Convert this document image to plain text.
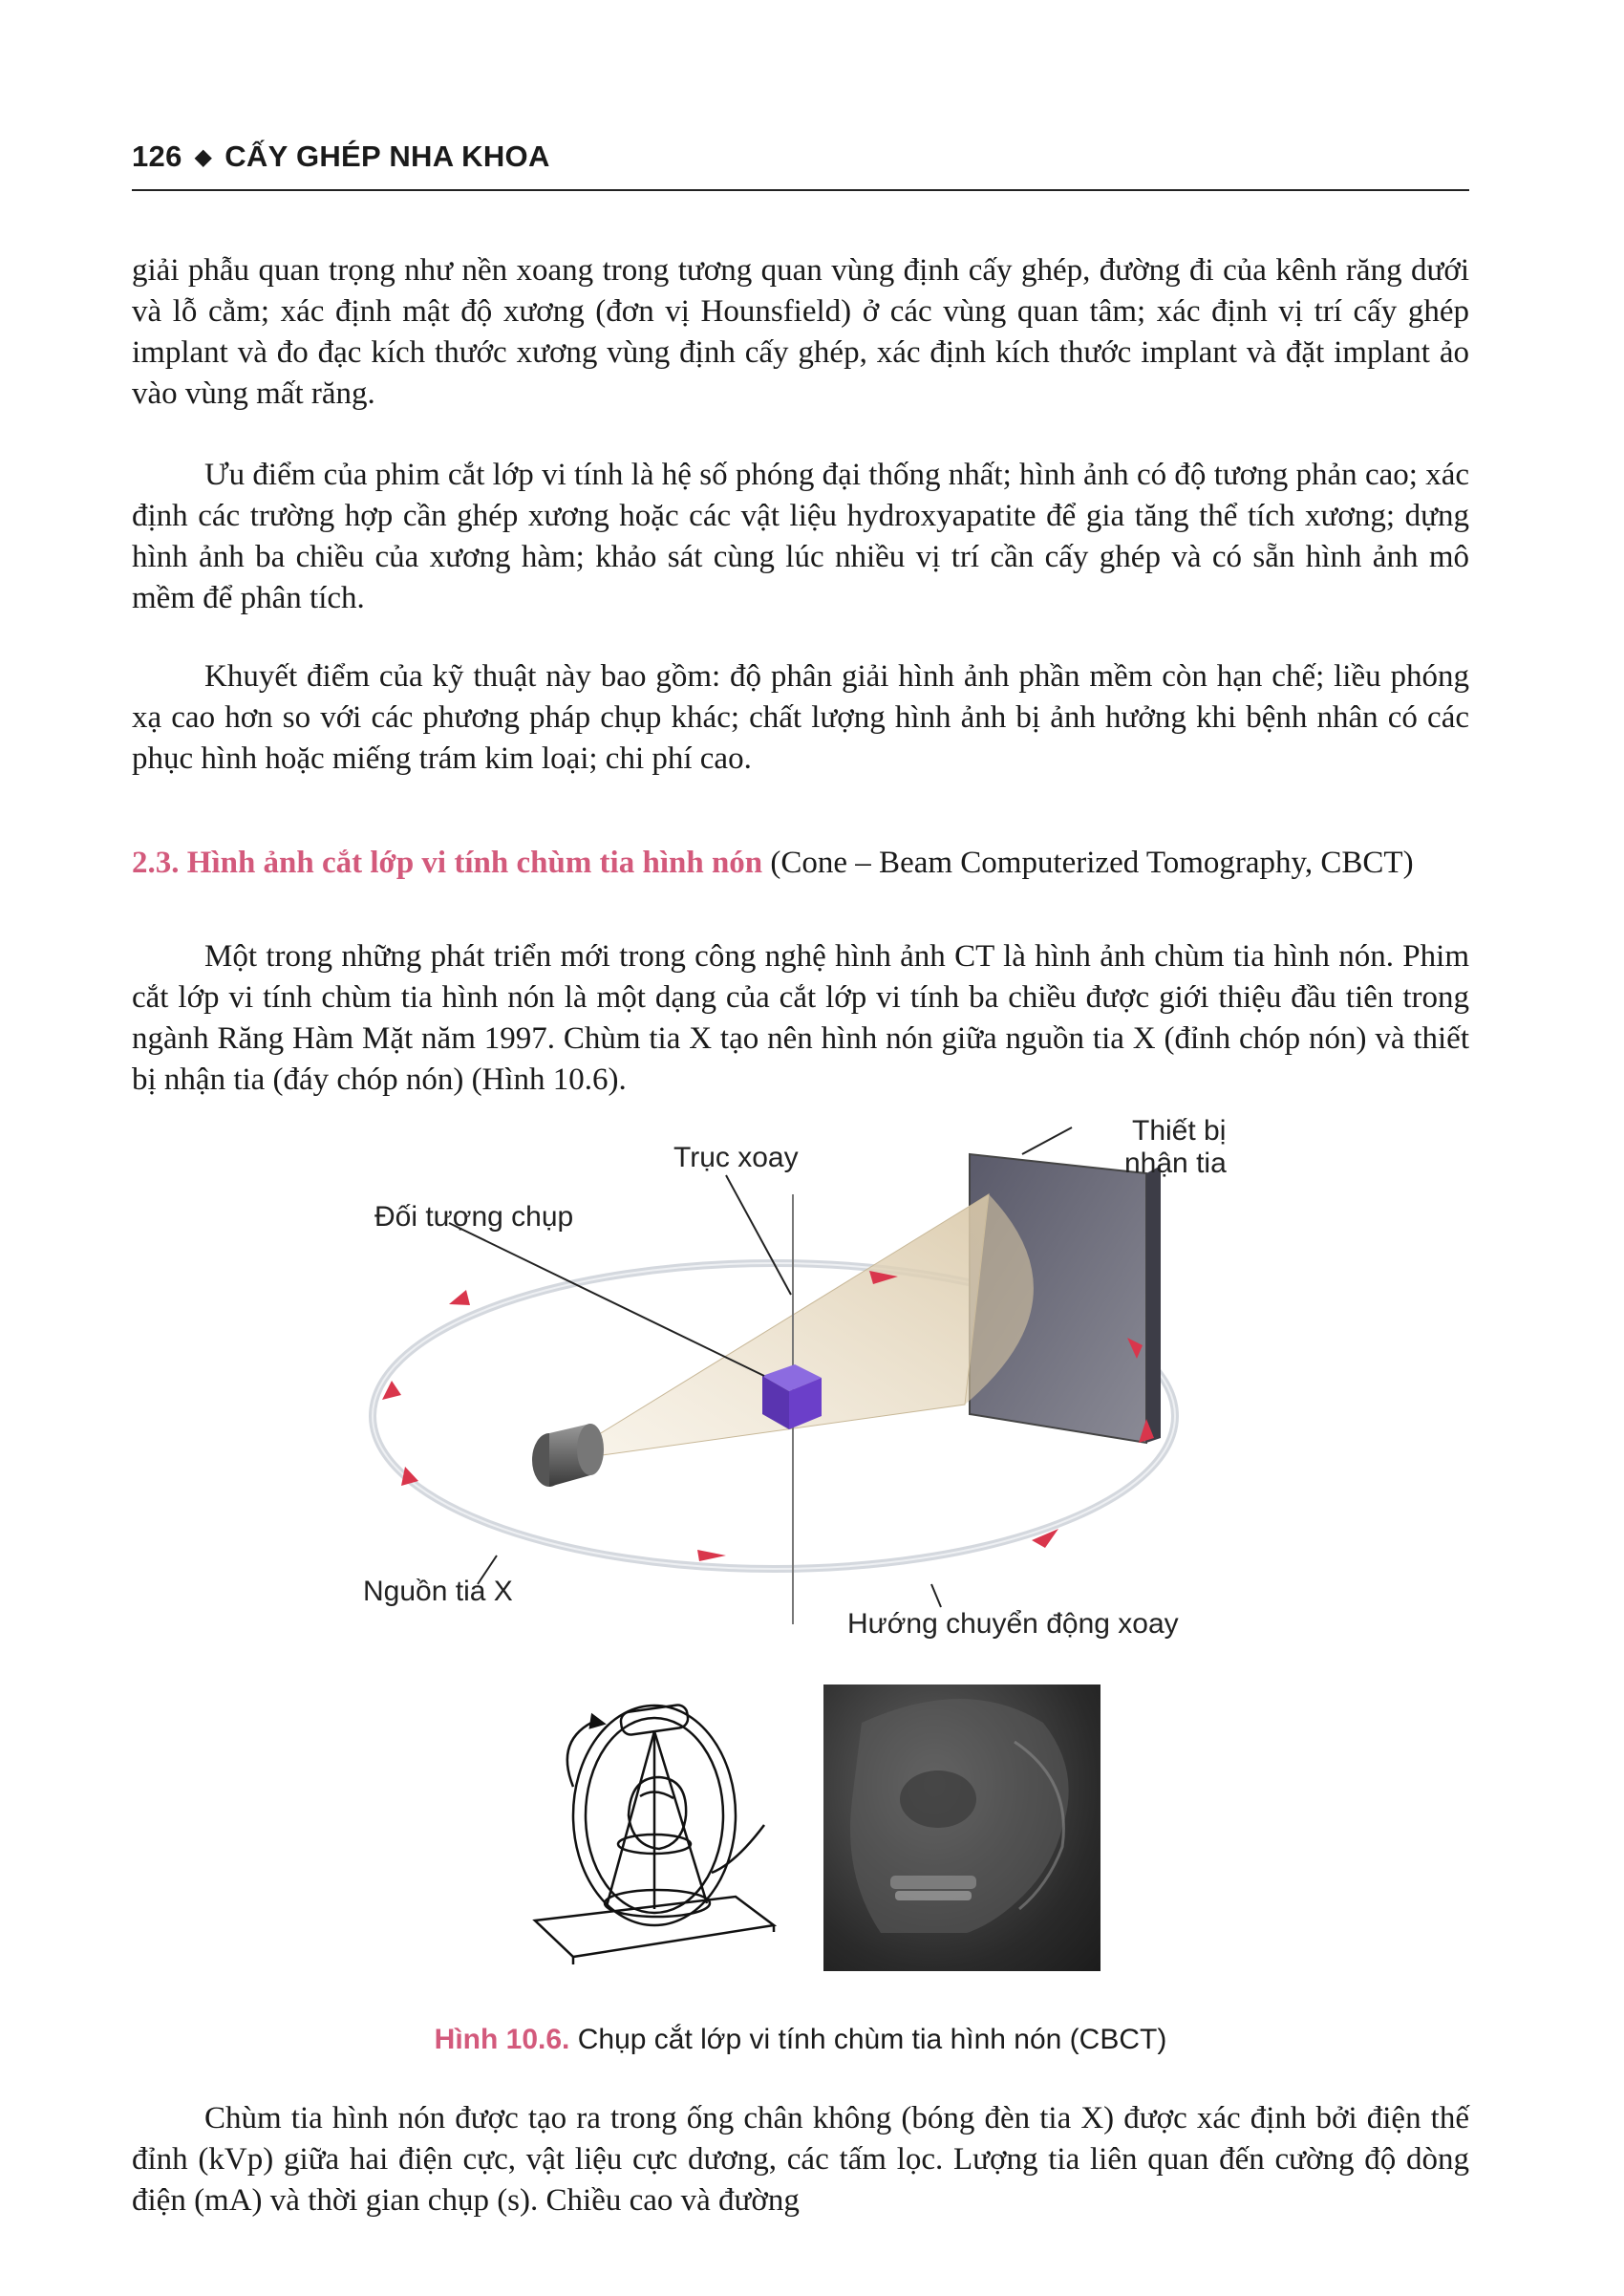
126 ◆ CẤY GHÉP NHA KHOA

giải phẫu quan trọng như nền xoang trong tương quan vùng định cấy ghép, đường đi của kênh răng dưới và lỗ cằm; xác định mật độ xương (đơn vị Hounsfield) ở các vùng quan tâm; xác định vị trí cấy ghép implant và đo đạc kích thước xương vùng định cấy ghép, xác định kích thước implant và đặt implant ảo vào vùng mất răng.

Ưu điểm của phim cắt lớp vi tính là hệ số phóng đại thống nhất; hình ảnh có độ tương phản cao; xác định các trường hợp cần ghép xương hoặc các vật liệu hydroxyapatite để gia tăng thể tích xương; dựng hình ảnh ba chiều của xương hàm; khảo sát cùng lúc nhiều vị trí cần cấy ghép và có sẵn hình ảnh mô mềm để phân tích.

Khuyết điểm của kỹ thuật này bao gồm: độ phân giải hình ảnh phần mềm còn hạn chế; liều phóng xạ cao hơn so với các phương pháp chụp khác; chất lượng hình ảnh bị ảnh hưởng khi bệnh nhân có các phục hình hoặc miếng trám kim loại; chi phí cao.

2.3. Hình ảnh cắt lớp vi tính chùm tia hình nón (Cone – Beam Computerized Tomography, CBCT)

Một trong những phát triển mới trong công nghệ hình ảnh CT là hình ảnh chùm tia hình nón. Phim cắt lớp vi tính chùm tia hình nón là một dạng của cắt lớp vi tính ba chiều được giới thiệu đầu tiên trong ngành Răng Hàm Mặt năm 1997. Chùm tia X tạo nên hình nón giữa nguồn tia X (đỉnh chóp nón) và thiết bị nhận tia (đáy chóp nón) (Hình 10.6).

Trục xoay
Thiết bị
nhận tia
Đối tượng chụp
Nguồn tia X
Hướng chuyển động xoay
Hình 10.6. Chụp cắt lớp vi tính chùm tia hình nón (CBCT)

Chùm tia hình nón được tạo ra trong ống chân không (bóng đèn tia X) được xác định bởi điện thế đỉnh (kVp) giữa hai điện cực, vật liệu cực dương, các tấm lọc. Lượng tia liên quan đến cường độ dòng điện (mA) và thời gian chụp (s). Chiều cao và đường
